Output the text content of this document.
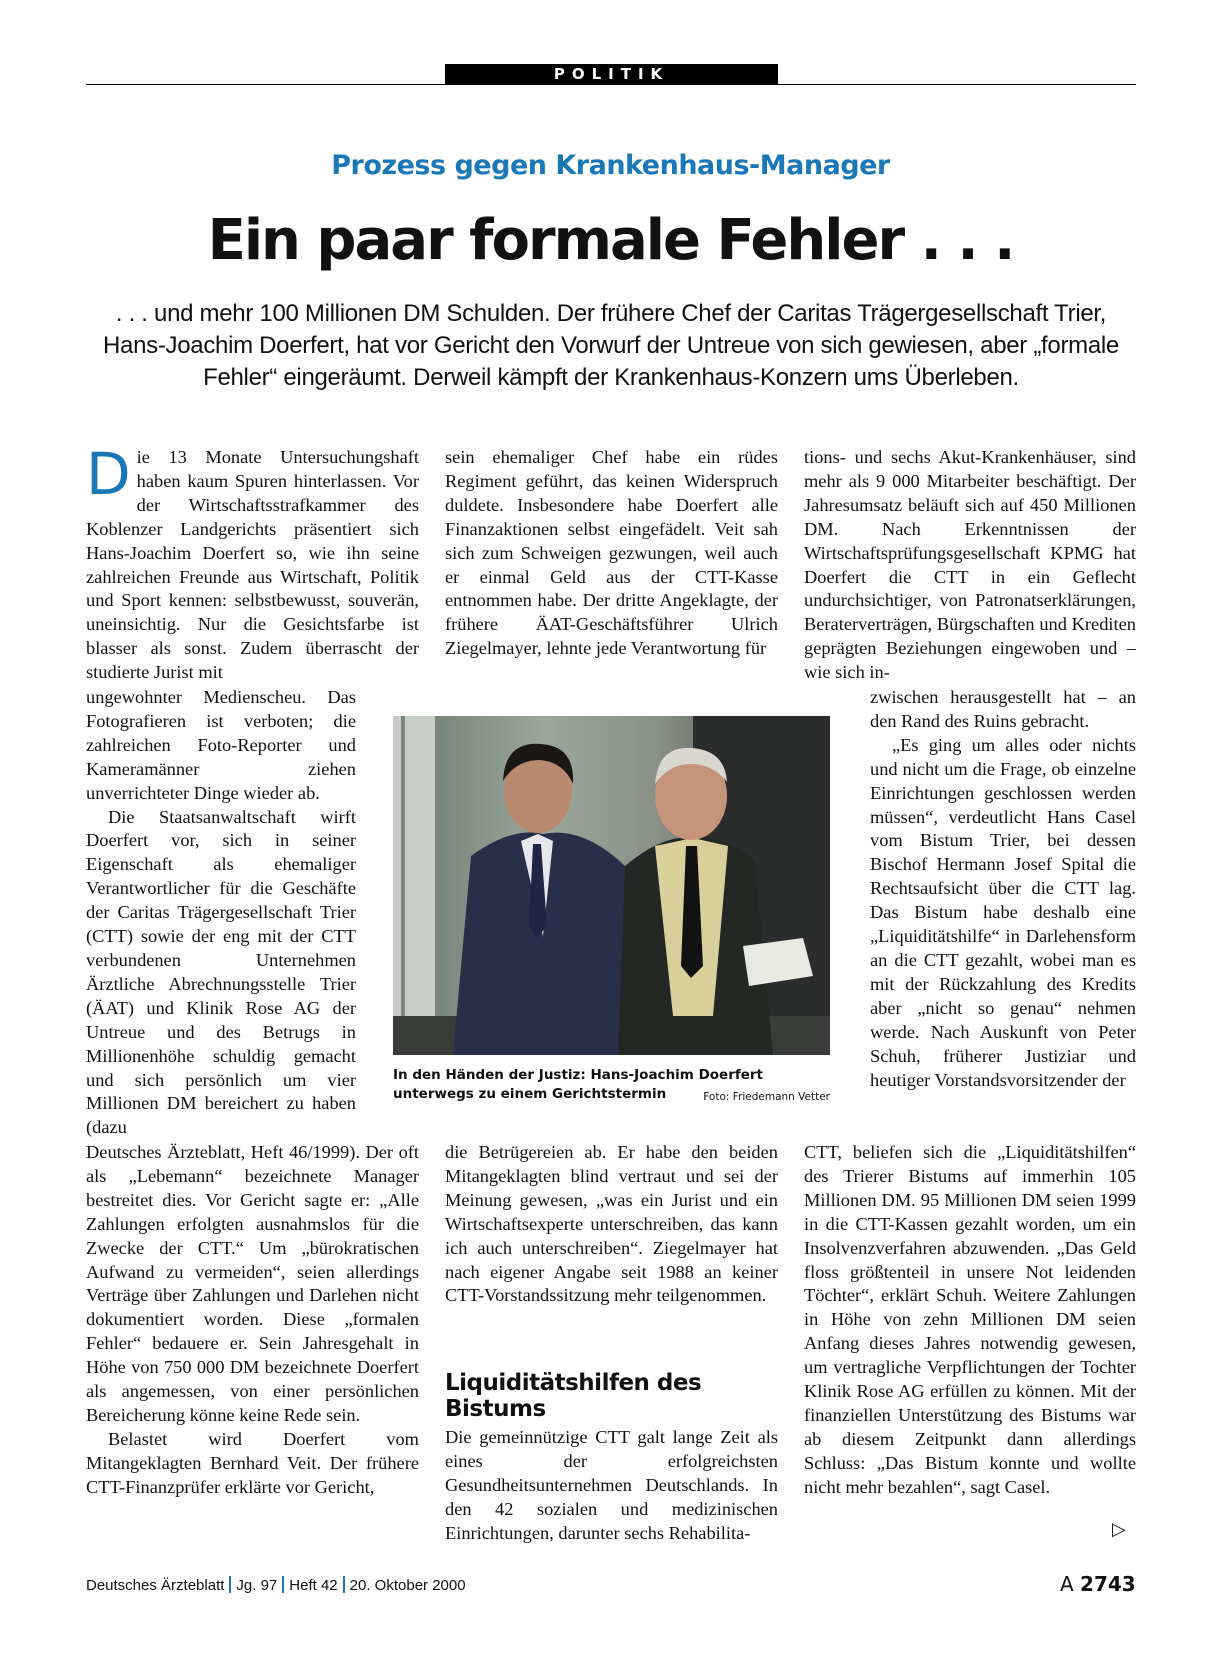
POLITIK
Prozess gegen Krankenhaus-Manager
Ein paar formale Fehler . . .
. . . und mehr 100 Millionen DM Schulden. Der frühere Chef der Caritas Trägergesellschaft Trier, Hans-Joachim Doerfert, hat vor Gericht den Vorwurf der Untreue von sich gewiesen, aber „formale Fehler“ eingeräumt. Derweil kämpft der Krankenhaus-Konzern ums Überleben.
D ie 13 Monate Untersuchungshaft haben kaum Spuren hinterlassen. Vor der Wirtschaftsstrafkammer des Koblenzer Landgerichts präsentiert sich Hans-Joachim Doerfert so, wie ihn seine zahlreichen Freunde aus Wirtschaft, Politik und Sport kennen: selbstbewusst, souverän, uneinsichtig. Nur die Gesichtsfarbe ist blasser als sonst. Zudem überrascht der studierte Jurist mit

ungewohnter Medienscheu. Das Fotografieren ist verboten; die zahlreichen Foto-Reporter und Kameramänner ziehen unverrichteter Dinge wieder ab.

Die Staatsanwaltschaft wirft Doerfert vor, sich in seiner Eigenschaft als ehemaliger Verantwortlicher für die Geschäfte der Caritas Trägergesellschaft Trier (CTT) sowie der eng mit der CTT verbundenen Unternehmen Ärztliche Abrechnungsstelle Trier (ÄAT) und Klinik Rose AG der Untreue und des Betrugs in Millionenhöhe schuldig gemacht und sich persönlich um vier Millionen DM bereichert zu haben (dazu

Deutsches Ärzteblatt, Heft 46/1999). Der oft als „Lebemann“ bezeichnete Manager bestreitet dies. Vor Gericht sagte er: „Alle Zahlungen erfolgten ausnahmslos für die Zwecke der CTT.“ Um „bürokratischen Aufwand zu vermeiden“, seien allerdings Verträge über Zahlungen und Darlehen nicht dokumentiert worden. Diese „formalen Fehler“ bedauere er. Sein Jahresgehalt in Höhe von 750 000 DM bezeichnete Doerfert als angemessen, von einer persönlichen Bereicherung könne keine Rede sein.

Belastet wird Doerfert vom Mitangeklagten Bernhard Veit. Der frühere CTT-Finanzprüfer erklärte vor Gericht,

sein ehemaliger Chef habe ein rüdes Regiment geführt, das keinen Widerspruch duldete. Insbesondere habe Doerfert alle Finanzaktionen selbst eingefädelt. Veit sah sich zum Schweigen gezwungen, weil auch er einmal Geld aus der CTT-Kasse entnommen habe. Der dritte Angeklagte, der frühere ÄAT-Geschäftsführer Ulrich Ziegelmayer, lehnte jede Verantwortung für

die Betrügereien ab. Er habe den beiden Mitangeklagten blind vertraut und sei der Meinung gewesen, „was ein Jurist und ein Wirtschaftsexperte unterschreiben, das kann ich auch unterschreiben“. Ziegelmayer hat nach eigener Angabe seit 1988 an keiner CTT-Vorstandssitzung mehr teilgenommen.

Liquiditätshilfen des Bistums

Die gemeinnützige CTT galt lange Zeit als eines der erfolgreichsten Gesundheitsunternehmen Deutschlands. In den 42 sozialen und medizinischen Einrichtungen, darunter sechs Rehabilita-

tions- und sechs Akut-Krankenhäuser, sind mehr als 9 000 Mitarbeiter beschäftigt. Der Jahresumsatz beläuft sich auf 450 Millionen DM. Nach Erkenntnissen der Wirtschaftsprüfungsgesellschaft KPMG hat Doerfert die CTT in ein Geflecht undurchsichtiger, von Patronatserklärungen, Beraterverträgen, Bürgschaften und Krediten geprägten Beziehungen eingewoben und – wie sich in-

zwischen herausgestellt hat – an den Rand des Ruins gebracht.

„Es ging um alles oder nichts und nicht um die Frage, ob einzelne Einrichtungen geschlossen werden müssen“, verdeutlicht Hans Casel vom Bistum Trier, bei dessen Bischof Hermann Josef Spital die Rechtsaufsicht über die CTT lag. Das Bistum habe deshalb eine „Liquiditätshilfe“ in Darlehensform an die CTT gezahlt, wobei man es mit der Rückzahlung des Kredits aber „nicht so genau“ nehmen werde. Nach Auskunft von Peter Schuh, früherer Justiziar und heutiger Vorstandsvorsitzender der

CTT, beliefen sich die „Liquiditätshilfen“ des Trierer Bistums auf immerhin 105 Millionen DM. 95 Millionen DM seien 1999 in die CTT-Kassen gezahlt worden, um ein Insolvenzverfahren abzuwenden. „Das Geld floss größtenteil in unsere Not leidenden Töchter“, erklärt Schuh. Weitere Zahlungen in Höhe von zehn Millionen DM seien Anfang dieses Jahres notwendig gewesen, um vertragliche Verpflichtungen der Tochter Klinik Rose AG erfüllen zu können. Mit der finanziellen Unterstützung des Bistums war ab diesem Zeitpunkt dann allerdings Schluss: „Das Bistum konnte und wollte nicht mehr bezahlen“, sagt Casel.

▷
In den Händen der Justiz: Hans-Joachim Doerfert unterwegs zu einem Gerichtstermin	Foto: Friedemann Vetter
Deutsches Ärzteblatt Jg. 97 Heft 42 20. Oktober 2000	A 2743
